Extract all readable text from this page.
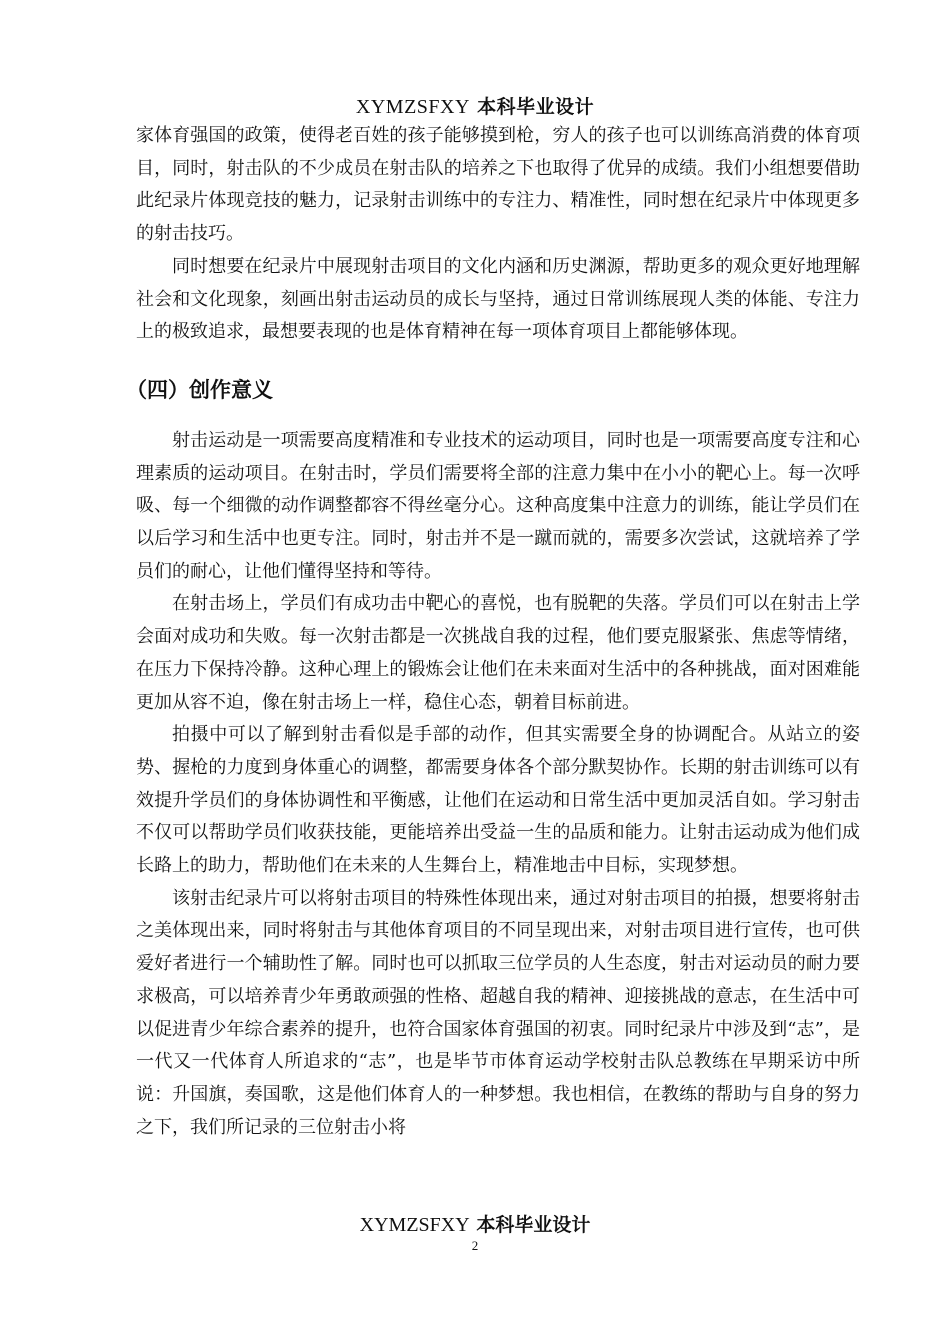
XYMZSFXY 本科毕业设计

家体育强国的政策，使得老百姓的孩子能够摸到枪，穷人的孩子也可以训练高消费的体育项目，同时，射击队的不少成员在射击队的培养之下也取得了优异的成绩。我们小组想要借助此纪录片体现竞技的魅力，记录射击训练中的专注力、精准性，同时想在纪录片中体现更多的射击技巧。

同时想要在纪录片中展现射击项目的文化内涵和历史渊源，帮助更多的观众更好地理解社会和文化现象，刻画出射击运动员的成长与坚持，通过日常训练展现人类的体能、专注力上的极致追求，最想要表现的也是体育精神在每一项体育项目上都能够体现。

（四）创作意义

射击运动是一项需要高度精准和专业技术的运动项目，同时也是一项需要高度专注和心理素质的运动项目。在射击时，学员们需要将全部的注意力集中在小小的靶心上。每一次呼吸、每一个细微的动作调整都容不得丝毫分心。这种高度集中注意力的训练，能让学员们在以后学习和生活中也更专注。同时，射击并不是一蹴而就的，需要多次尝试，这就培养了学员们的耐心，让他们懂得坚持和等待。

在射击场上，学员们有成功击中靶心的喜悦，也有脱靶的失落。学员们可以在射击上学会面对成功和失败。每一次射击都是一次挑战自我的过程，他们要克服紧张、焦虑等情绪，在压力下保持冷静。这种心理上的锻炼会让他们在未来面对生活中的各种挑战，面对困难能更加从容不迫，像在射击场上一样，稳住心态，朝着目标前进。

拍摄中可以了解到射击看似是手部的动作，但其实需要全身的协调配合。从站立的姿势、握枪的力度到身体重心的调整，都需要身体各个部分默契协作。长期的射击训练可以有效提升学员们的身体协调性和平衡感，让他们在运动和日常生活中更加灵活自如。学习射击不仅可以帮助学员们收获技能，更能培养出受益一生的品质和能力。让射击运动成为他们成长路上的助力，帮助他们在未来的人生舞台上，精准地击中目标，实现梦想。

该射击纪录片可以将射击项目的特殊性体现出来，通过对射击项目的拍摄，想要将射击之美体现出来，同时将射击与其他体育项目的不同呈现出来，对射击项目进行宣传，也可供爱好者进行一个辅助性了解。同时也可以抓取三位学员的人生态度，射击对运动员的耐力要求极高，可以培养青少年勇敢顽强的性格、超越自我的精神、迎接挑战的意志，在生活中可以促进青少年综合素养的提升，也符合国家体育强国的初衷。同时纪录片中涉及到“志”，是一代又一代体育人所追求的“志”，也是毕节市体育运动学校射击队总教练在早期采访中所说：升国旗，奏国歌，这是他们体育人的一种梦想。我也相信，在教练的帮助与自身的努力之下，我们所记录的三位射击小将

XYMZSFXY 本科毕业设计
2
